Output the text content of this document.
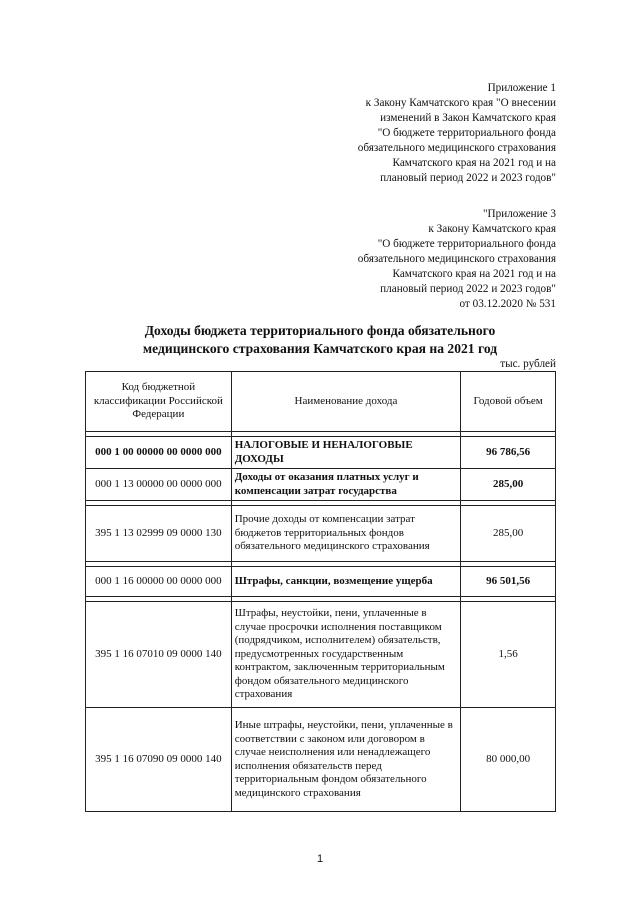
Приложение 1
к Закону Камчатского края "О внесении
изменений в Закон Камчатского края
"О бюджете территориального фонда
обязательного медицинского страхования
Камчатского края на 2021 год и на
плановый период 2022 и 2023 годов"
"Приложение 3
к Закону Камчатского края
"О бюджете территориального фонда
обязательного медицинского страхования
Камчатского края на 2021 год и на
плановый период 2022 и 2023 годов"
от 03.12.2020 № 531
Доходы бюджета территориального фонда обязательного
медицинского страхования Камчатского края на 2021 год
тыс. рублей
Код бюджетной классификации Российской Федерации	Наименование дохода	Годовой объем

000 1 00 00000 00 0000 000	НАЛОГОВЫЕ И НЕНАЛОГОВЫЕ ДОХОДЫ	96 786,56
000 1 13 00000 00 0000 000	Доходы от оказания платных услуг и компенсации затрат государства	285,00

395 1 13 02999 09 0000 130	Прочие доходы от компенсации затрат бюджетов территориальных фондов обязательного медицинского страхования	285,00

000 1 16 00000 00 0000 000	Штрафы, санкции, возмещение ущерба	96 501,56

395 1 16 07010 09 0000 140	Штрафы, неустойки, пени, уплаченные в случае просрочки исполнения поставщиком (подрядчиком, исполнителем) обязательств, предусмотренных государственным контрактом, заключенным территориальным фондом обязательного медицинского страхования	1,56
395 1 16 07090 09 0000 140	Иные штрафы, неустойки, пени, уплаченные в соответствии с законом или договором в случае неисполнения или ненадлежащего исполнения обязательств перед территориальным фондом обязательного медицинского страхования	80 000,00
1
